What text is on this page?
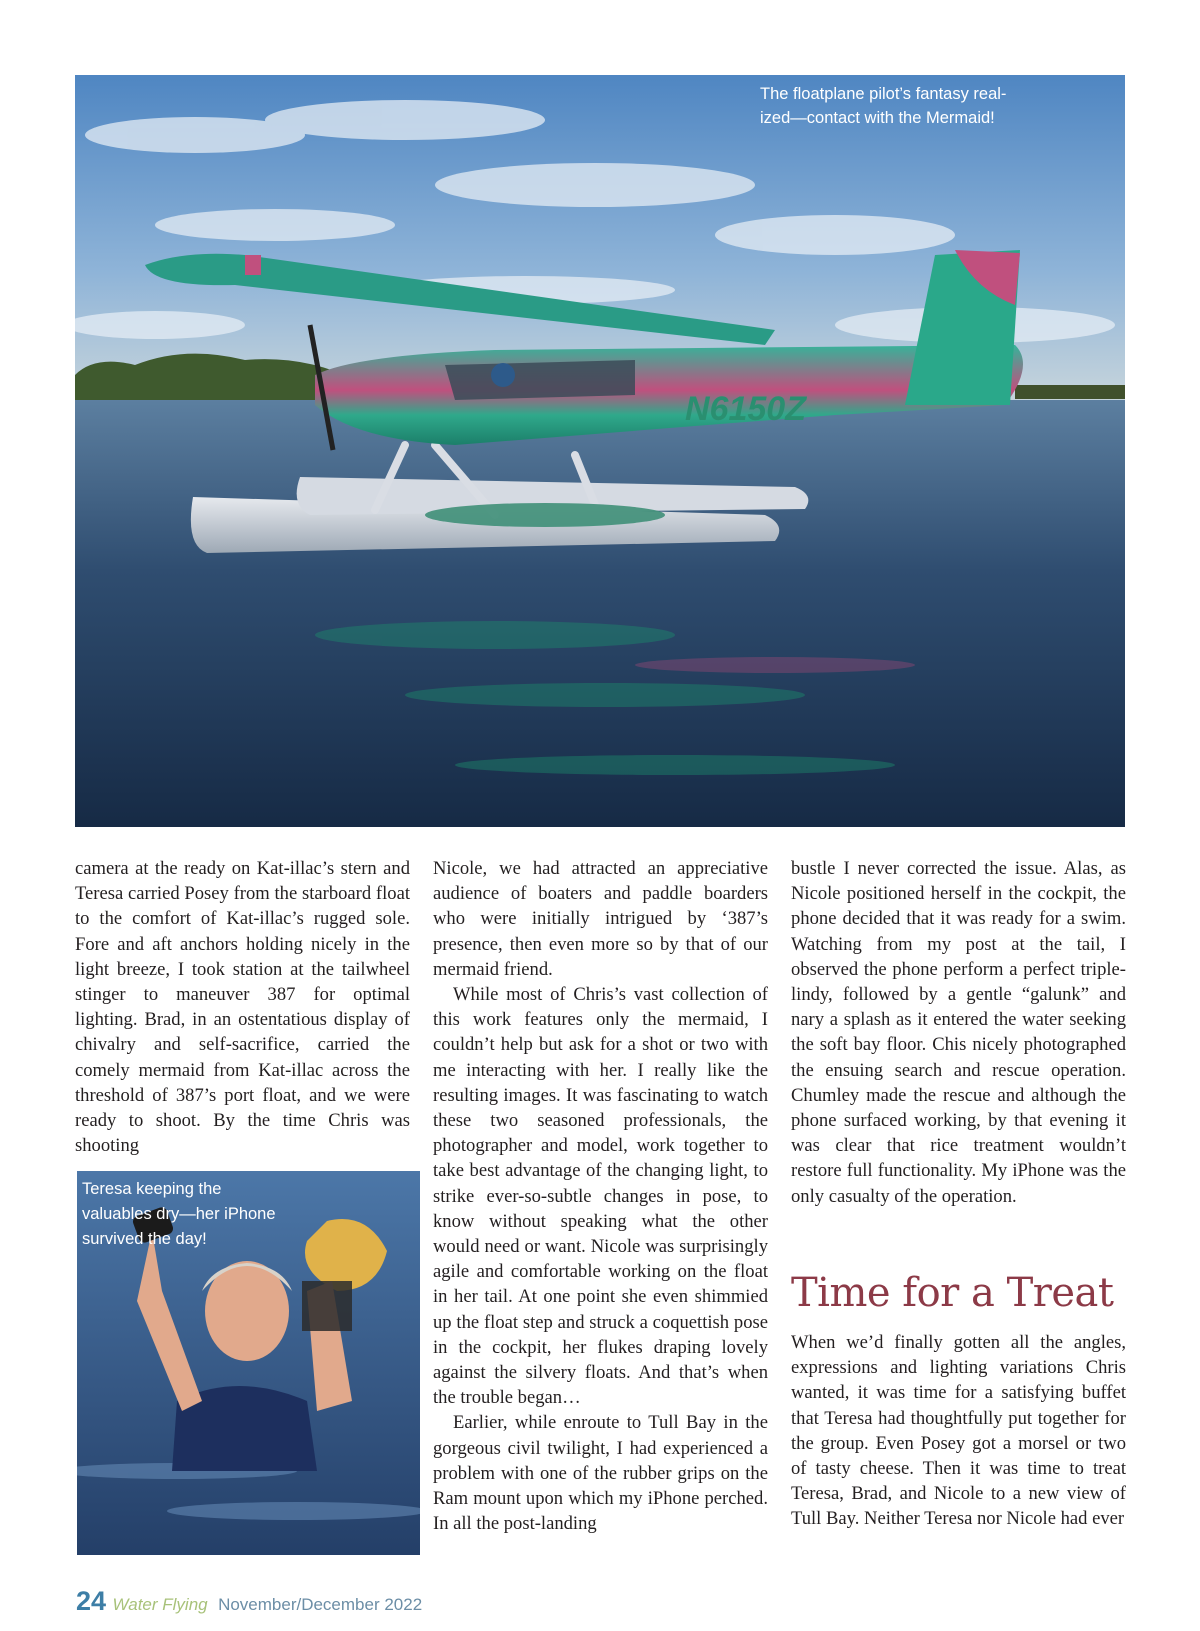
N6150Z
The floatplane pilot’s fantasy real-
ized—contact with the Mermaid!

camera at the ready on Kat-illac’s stern and Teresa carried Posey from the starboard float to the comfort of Kat-illac’s rugged sole. Fore and aft anchors holding nicely in the light breeze, I took station at the tailwheel stinger to maneuver 387 for optimal lighting. Brad, in an ostentatious display of chivalry and self-sacrifice, carried the comely mermaid from Kat-illac across the threshold of 387’s port float, and we were ready to shoot. By the time Chris was shooting

Teresa keeping the valuables dry—her iPhone survived the day!

Nicole, we had attracted an appreciative audience of boaters and paddle boarders who were initially intrigued by ‘387’s presence, then even more so by that of our mermaid friend.

While most of Chris’s vast collection of this work features only the mermaid, I couldn’t help but ask for a shot or two with me interacting with her. I really like the resulting images. It was fascinating to watch these two seasoned professionals, the photographer and model, work together to take best advantage of the changing light, to strike ever-so-subtle changes in pose, to know without speaking what the other would need or want. Nicole was surprisingly agile and comfortable working on the float in her tail. At one point she even shimmied up the float step and struck a coquettish pose in the cockpit, her flukes draping lovely against the silvery floats. And that’s when the trouble began…

Earlier, while enroute to Tull Bay in the gorgeous civil twilight, I had experienced a problem with one of the rubber grips on the Ram mount upon which my iPhone perched. In all the post-landing

bustle I never corrected the issue. Alas, as Nicole positioned herself in the cockpit, the phone decided that it was ready for a swim. Watching from my post at the tail, I observed the phone perform a perfect triple-lindy, followed by a gentle “galunk” and nary a splash as it entered the water seeking the soft bay floor. Chis nicely photographed the ensuing search and rescue operation. Chumley made the rescue and although the phone surfaced working, by that evening it was clear that rice treatment wouldn’t restore full functionality. My iPhone was the only casualty of the operation.

Time for a Treat

When we’d finally gotten all the angles, expressions and lighting variations Chris wanted, it was time for a satisfying buffet that Teresa had thoughtfully put together for the group. Even Posey got a morsel or two of tasty cheese. Then it was time to treat Teresa, Brad, and Nicole to a new view of Tull Bay. Neither Teresa nor Nicole had ever

24 Water Flying November/December 2022
